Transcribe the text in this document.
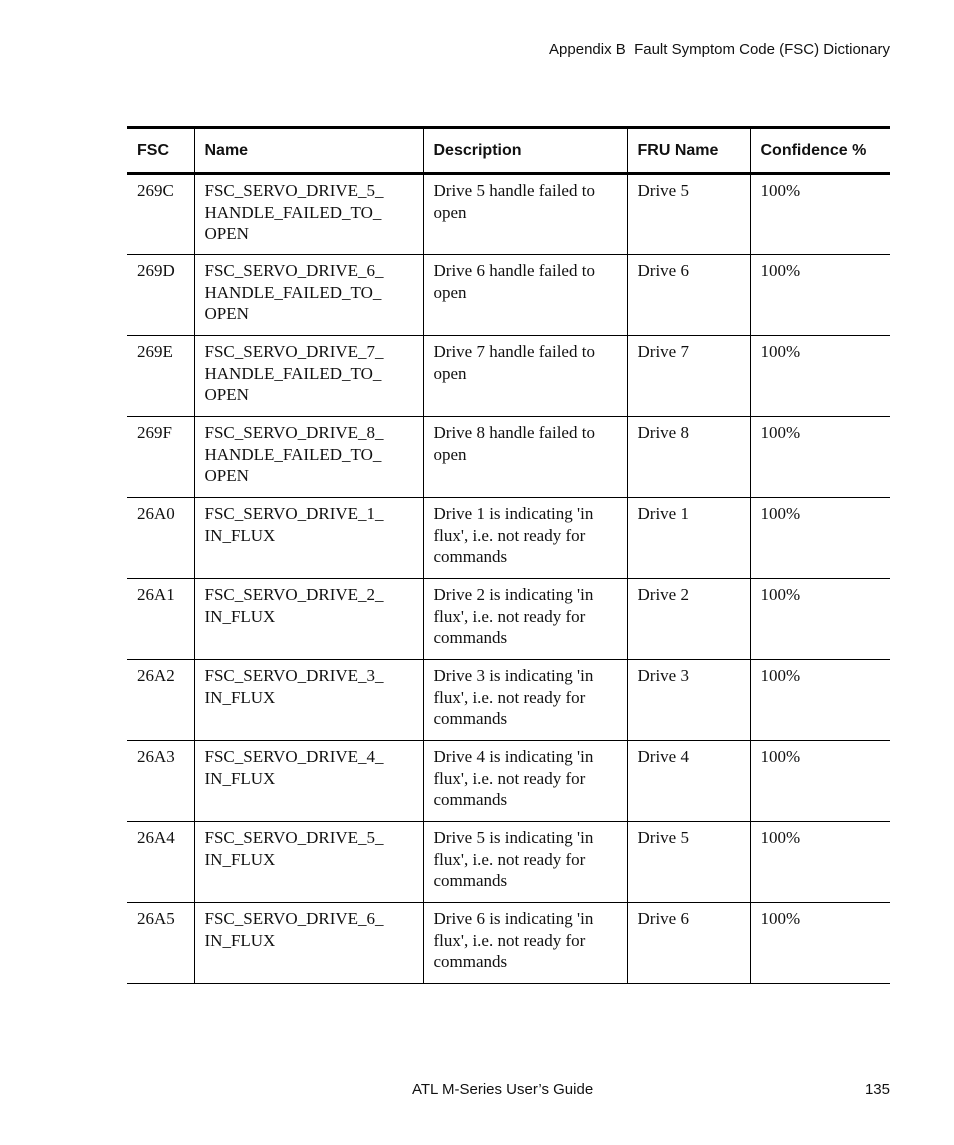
Appendix B  Fault Symptom Code (FSC) Dictionary
FSC	Name	Description	FRU Name	Confidence %
269C	FSC_SERVO_DRIVE_5_ HANDLE_FAILED_TO_ OPEN	Drive 5 handle failed to open	Drive 5	100%
269D	FSC_SERVO_DRIVE_6_ HANDLE_FAILED_TO_ OPEN	Drive 6 handle failed to open	Drive 6	100%
269E	FSC_SERVO_DRIVE_7_ HANDLE_FAILED_TO_ OPEN	Drive 7 handle failed to open	Drive 7	100%
269F	FSC_SERVO_DRIVE_8_ HANDLE_FAILED_TO_ OPEN	Drive 8 handle failed to open	Drive 8	100%
26A0	FSC_SERVO_DRIVE_1_ IN_FLUX	Drive 1 is indicating 'in flux', i.e. not ready for commands	Drive 1	100%
26A1	FSC_SERVO_DRIVE_2_ IN_FLUX	Drive 2 is indicating 'in flux', i.e. not ready for commands	Drive 2	100%
26A2	FSC_SERVO_DRIVE_3_ IN_FLUX	Drive 3 is indicating 'in flux', i.e. not ready for commands	Drive 3	100%
26A3	FSC_SERVO_DRIVE_4_ IN_FLUX	Drive 4 is indicating 'in flux', i.e. not ready for commands	Drive 4	100%
26A4	FSC_SERVO_DRIVE_5_ IN_FLUX	Drive 5 is indicating 'in flux', i.e. not ready for commands	Drive 5	100%
26A5	FSC_SERVO_DRIVE_6_ IN_FLUX	Drive 6 is indicating 'in flux', i.e. not ready for commands	Drive 6	100%
ATL M-Series User’s Guide	135
